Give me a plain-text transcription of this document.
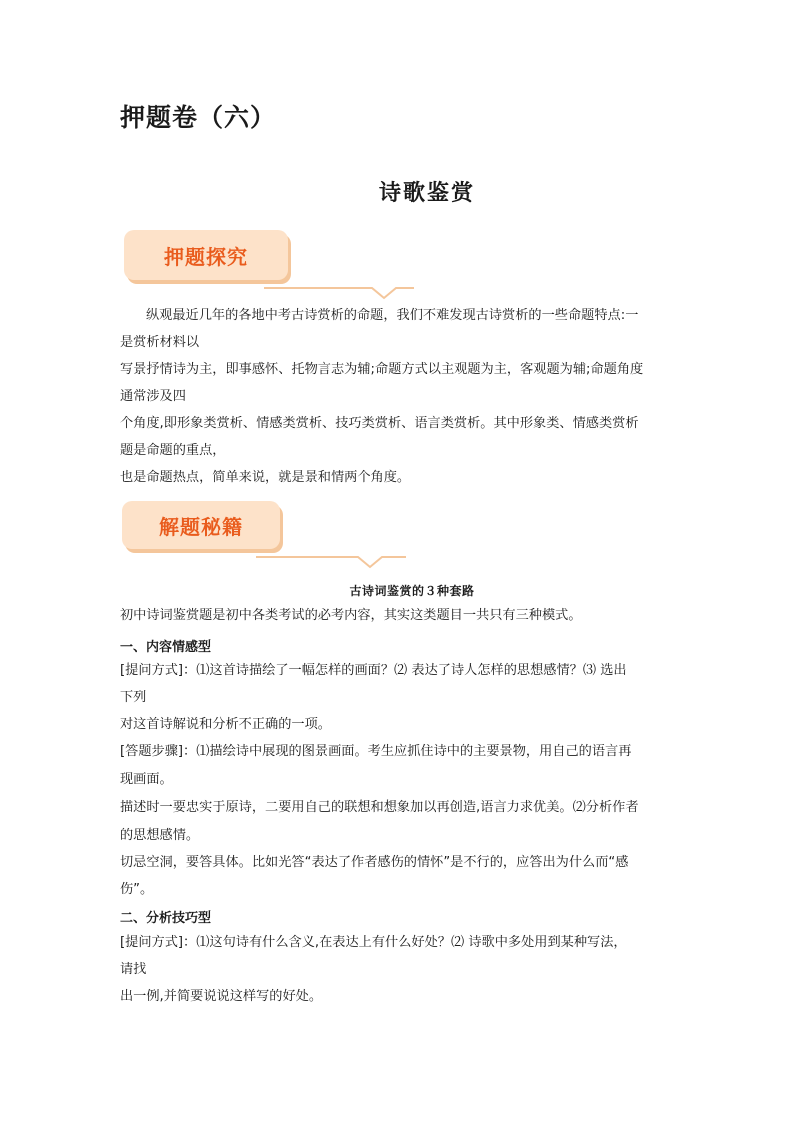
押题卷（六）
诗歌鉴赏
押题探究
纵观最近几年的各地中考古诗赏析的命题，我们不难发现古诗赏析的一些命题特点:一
是赏析材料以
写景抒情诗为主，即事感怀、托物言志为辅;命题方式以主观题为主，客观题为辅;命题角度
通常涉及四
个角度,即形象类赏析、情感类赏析、技巧类赏析、语言类赏析。其中形象类、情感类赏析
题是命题的重点，
也是命题热点，简单来说，就是景和情两个角度。
解题秘籍
古诗词鉴赏的３种套路
初中诗词鉴赏题是初中各类考试的必考内容，其实这类题目一共只有三种模式。
一、内容情感型
[提问方式]：⑴这首诗描绘了一幅怎样的画面？⑵ 表达了诗人怎样的思想感情？⑶ 选出
下列
对这首诗解说和分析不正确的一项。
[答题步骤]：⑴描绘诗中展现的图景画面。考生应抓住诗中的主要景物，用自己的语言再
现画面。
描述时一要忠实于原诗，二要用自己的联想和想象加以再创造,语言力求优美。⑵分析作者
的思想感情。
切忌空洞，要答具体。比如光答“表达了作者感伤的情怀”是不行的，应答出为什么而“感
伤”。
二、分析技巧型
[提问方式]：⑴这句诗有什么含义,在表达上有什么好处？⑵ 诗歌中多处用到某种写法，
请找
出一例,并简要说说这样写的好处。
